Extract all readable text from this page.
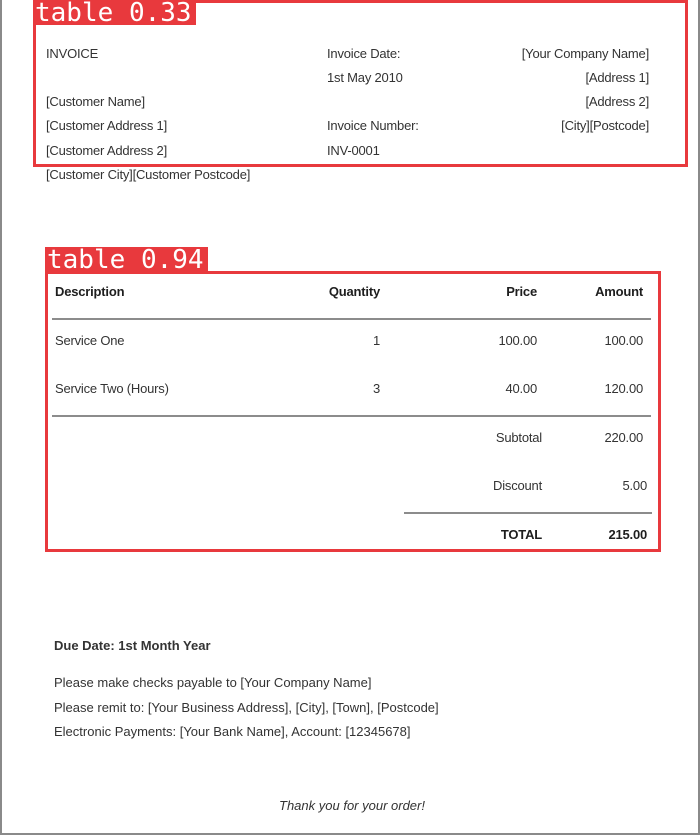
INVOICE	Invoice Date:
1st May 2010
Invoice Number:
INV-0001
[Your Company Name]
[Address 1]
[Address 2]
[City][Postcode]
[Customer Name]
[Customer Address 1]
[Customer Address 2]
[Customer City][Customer Postcode]
Description	Quantity	Price	Amount
Service One	1	100.00	100.00
Service Two (Hours)	3	40.00	120.00
Subtotal	220.00
Discount	5.00
TOTAL	215.00
Due Date: 1st Month Year
Please make checks payable to [Your Company Name]
Please remit to: [Your Business Address], [City], [Town], [Postcode]
Electronic Payments: [Your Bank Name], Account: [12345678]
Thank you for your order!
table 0.33
table 0.94
